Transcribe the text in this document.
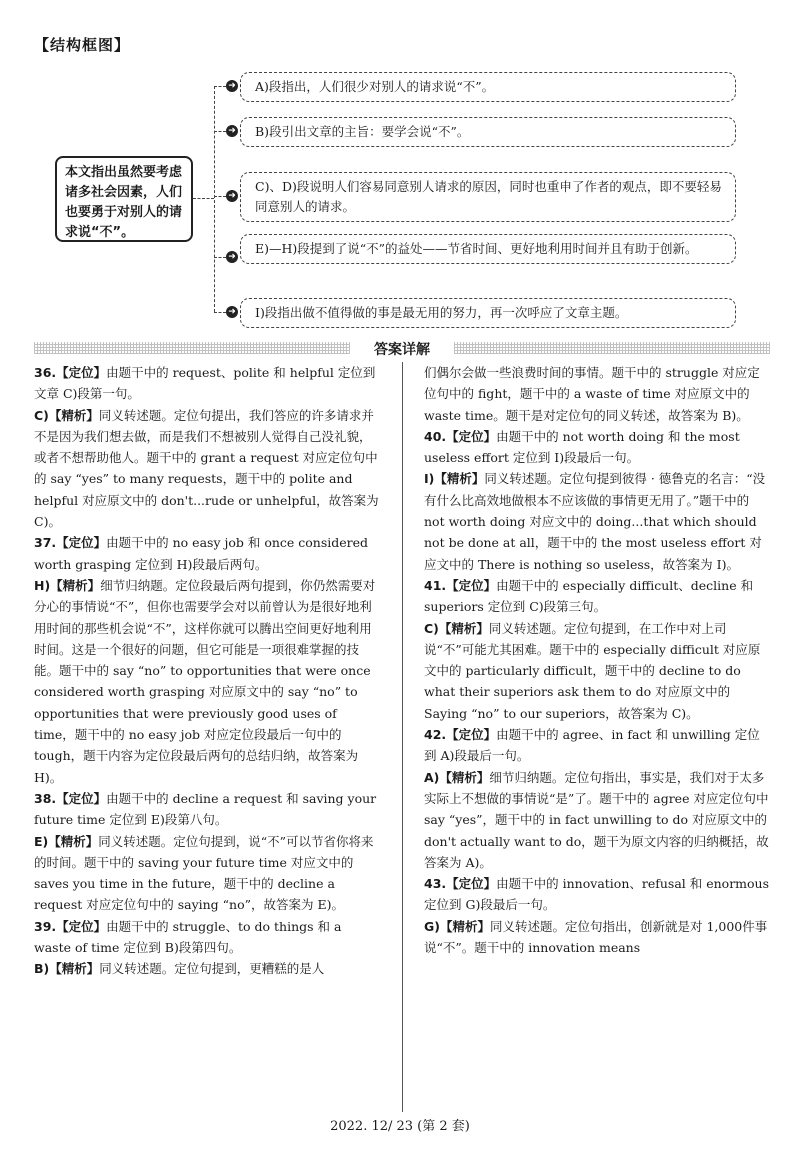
【结构框图】
本文指出虽然要考虑诸多社会因素，人们也要勇于对别人的请求说“不”。
➜	A)段指出，人们很少对别人的请求说“不”。
➜	B)段引出文章的主旨：要学会说“不”。
➜
C)、D)段说明人们容易同意别人请求的原因，同时也重申了作者的观点，即不要轻易同意别人的请求。
➜
E)—H)段提到了说“不”的益处——节省时间、更好地利用时间并且有助于创新。
➜	I)段指出做不值得做的事是最无用的努力，再一次呼应了文章主题。
答案详解

36.【定位】由题干中的 request、polite 和 helpful 定位到文章 C)段第一句。

C)【精析】同义转述题。定位句提出，我们答应的许多请求并不是因为我们想去做，而是我们不想被别人觉得自己没礼貌，或者不想帮助他人。题干中的 grant a request 对应定位句中的 say “yes” to many requests，题干中的 polite and helpful 对应原文中的 don't...rude or unhelpful，故答案为 C)。

37.【定位】由题干中的 no easy job 和 once considered worth grasping 定位到 H)段最后两句。

H)【精析】细节归纳题。定位段最后两句提到，你仍然需要对分心的事情说“不”，但你也需要学会对以前曾认为是很好地利用时间的那些机会说“不”，这样你就可以腾出空间更好地利用时间。这是一个很好的问题，但它可能是一项很难掌握的技能。题干中的 say “no” to opportunities that were once considered worth grasping 对应原文中的 say “no” to opportunities that were previously good uses of time，题干中的 no easy job 对应定位段最后一句中的 tough，题干内容为定位段最后两句的总结归纳，故答案为 H)。

38.【定位】由题干中的 decline a request 和 saving your future time 定位到 E)段第八句。

E)【精析】同义转述题。定位句提到，说“不”可以节省你将来的时间。题干中的 saving your future time 对应文中的 saves you time in the future，题干中的 decline a request 对应定位句中的 saying “no”，故答案为 E)。

39.【定位】由题干中的 struggle、to do things 和 a waste of time 定位到 B)段第四句。

B)【精析】同义转述题。定位句提到，更糟糕的是人

们偶尔会做一些浪费时间的事情。题干中的 struggle 对应定位句中的 fight，题干中的 a waste of time 对应原文中的 waste time。题干是对定位句的同义转述，故答案为 B)。

40.【定位】由题干中的 not worth doing 和 the most useless effort 定位到 I)段最后一句。

I)【精析】同义转述题。定位句提到彼得 · 德鲁克的名言：“没有什么比高效地做根本不应该做的事情更无用了。”题干中的 not worth doing 对应文中的 doing...that which should not be done at all，题干中的 the most useless effort 对应文中的 There is nothing so useless，故答案为 I)。

41.【定位】由题干中的 especially difficult、decline 和 superiors 定位到 C)段第三句。

C)【精析】同义转述题。定位句提到，在工作中对上司说“不”可能尤其困难。题干中的 especially difficult 对应原文中的 particularly difficult，题干中的 decline to do what their superiors ask them to do 对应原文中的 Saying “no” to our superiors，故答案为 C)。

42.【定位】由题干中的 agree、in fact 和 unwilling 定位到 A)段最后一句。

A)【精析】细节归纳题。定位句指出，事实是，我们对于太多实际上不想做的事情说“是”了。题干中的 agree 对应定位句中 say “yes”，题干中的 in fact unwilling to do 对应原文中的 don't actually want to do，题干为原文内容的归纳概括，故答案为 A)。

43.【定位】由题干中的 innovation、refusal 和 enormous 定位到 G)段最后一句。

G)【精析】同义转述题。定位句指出，创新就是对 1,000件事说“不”。题干中的 innovation means

2022. 12/ 23 (第 2 套)
